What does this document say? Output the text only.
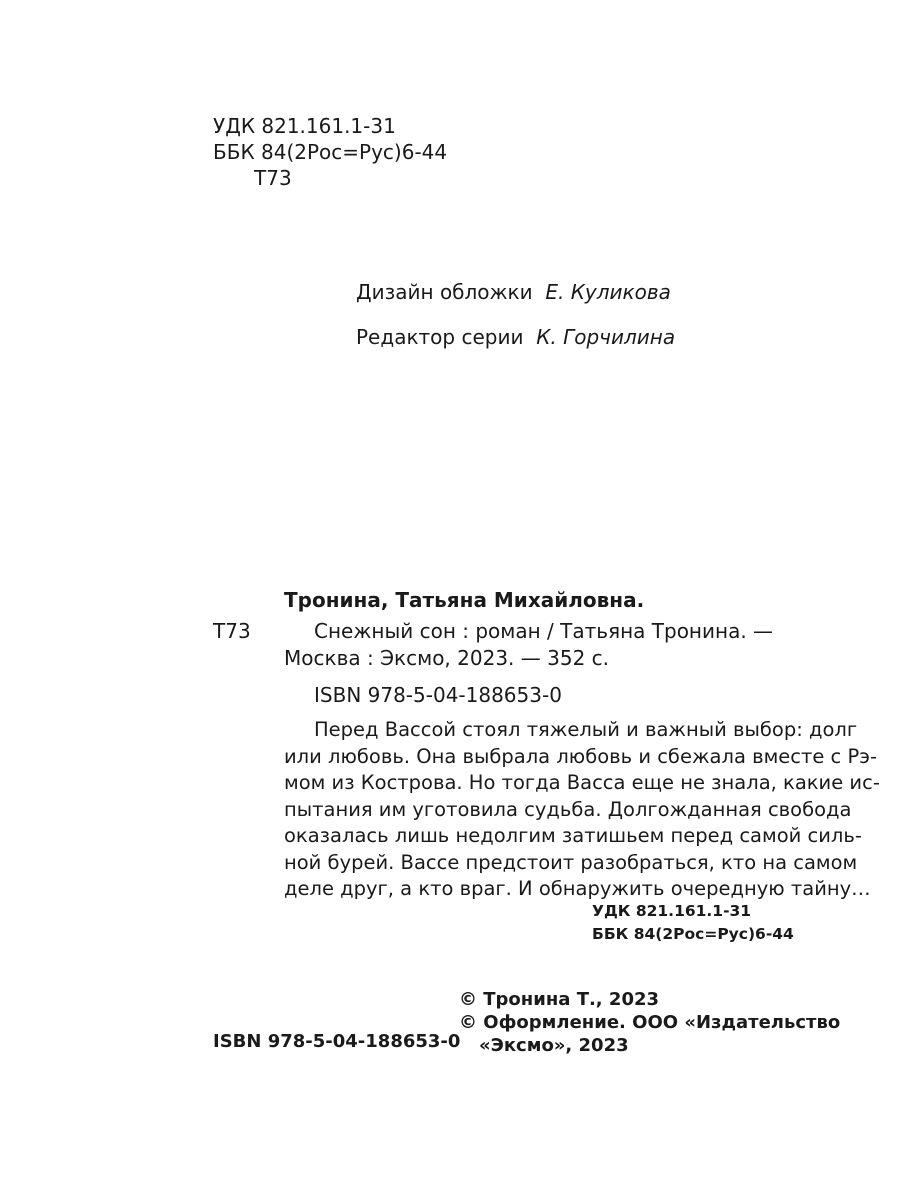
УДК 821.161.1-31
ББК 84(2Рос=Рус)6-44
Т73
Дизайн обложки Е. Куликова
Редактор серии К. Горчилина
Тронина, Татьяна Михайловна.
Т73	Снежный сон : роман / Татьяна Тронина. —
Москва : Эксмо, 2023. — 352 с.
ISBN 978-5-04-188653-0
Перед Вассой стоял тяжелый и важный выбор: долг
или любовь. Она выбрала любовь и сбежала вместе с Рэ-
мом из Кострова. Но тогда Васса еще не знала, какие ис-
пытания им уготовила судьба. Долгожданная свобода
оказалась лишь недолгим затишьем перед самой силь-
ной бурей. Вассе предстоит разобраться, кто на самом
деле друг, а кто враг. И обнаружить очередную тайну…
УДК 821.161.1-31
ББК 84(2Рос=Рус)6-44
ISBN 978-5-04-188653-0
© Тронина Т., 2023
© Оформление. ООО «Издательство
«Эксмо», 2023
